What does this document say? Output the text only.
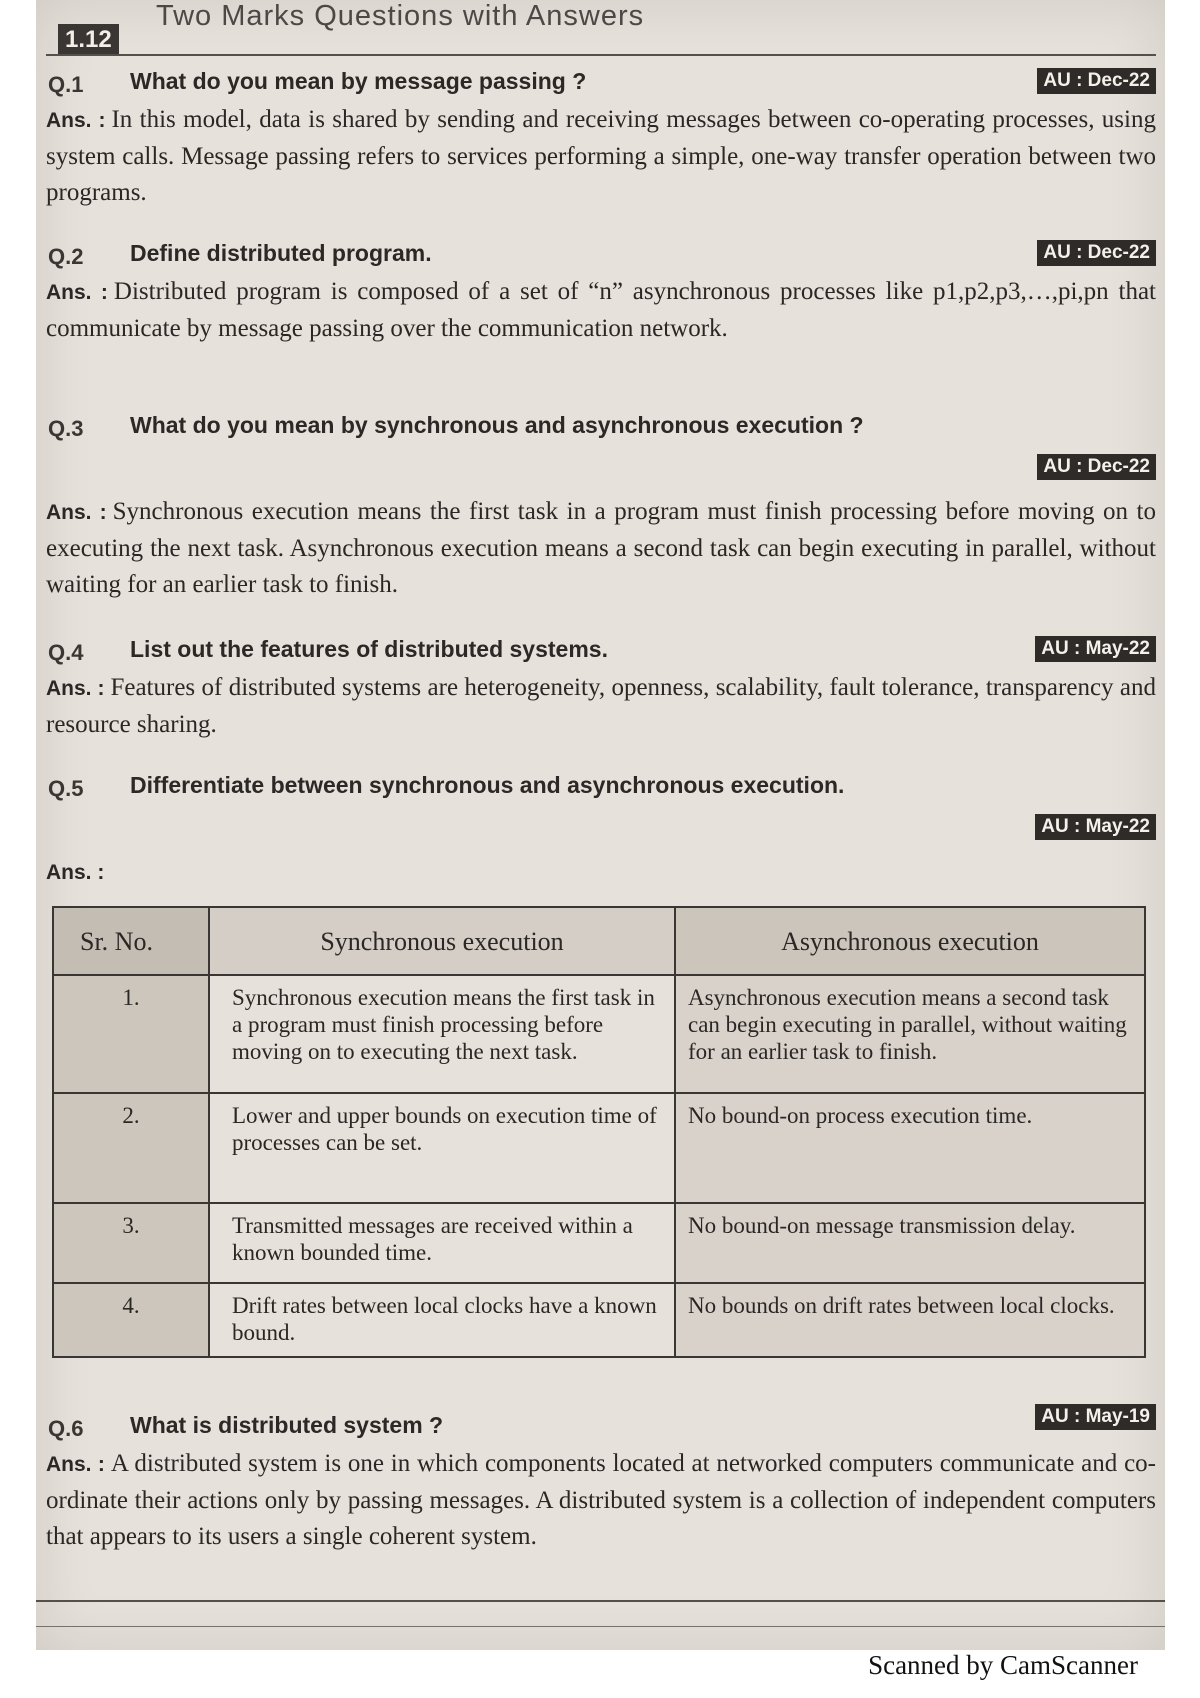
1.12
Two Marks Questions with Answers
Q.1 What do you mean by message passing ?	AU : Dec-22

Ans. : In this model, data is shared by sending and receiving messages between co-operating processes, using system calls. Message passing refers to services performing a simple, one-way transfer operation between two programs.

Q.2 Define distributed program.	AU : Dec-22

Ans. : Distributed program is composed of a set of “n” asynchronous processes like p1,p2,p3,…,pi,pn that communicate by message passing over the communication network.

Q.3 What do you mean by synchronous and asynchronous execution ?
AU : Dec-22

Ans. : Synchronous execution means the first task in a program must finish processing before moving on to executing the next task. Asynchronous execution means a second task can begin executing in parallel, without waiting for an earlier task to finish.

Q.4 List out the features of distributed systems.	AU : May-22

Ans. : Features of distributed systems are heterogeneity, openness, scalability, fault tolerance, transparency and resource sharing.

Q.5 Differentiate between synchronous and asynchronous execution.
AU : May-22

Ans. :

Sr. No.	Synchronous execution	Asynchronous execution
1.	Synchronous execution means the first task in a program must finish processing before moving on to executing the next task.	Asynchronous execution means a second task can begin executing in parallel, without waiting for an earlier task to finish.
2.	Lower and upper bounds on execution time of processes can be set.	No bound-on process execution time.
3.	Transmitted messages are received within a known bounded time.	No bound-on message transmission delay.
4.	Drift rates between local clocks have a known bound.	No bounds on drift rates between local clocks.
Q.6 What is distributed system ?	AU : May-19

Ans. : A distributed system is one in which components located at networked computers communicate and co-ordinate their actions only by passing messages. A distributed system is a collection of independent computers that appears to its users a single coherent system.

Scanned by CamScanner
